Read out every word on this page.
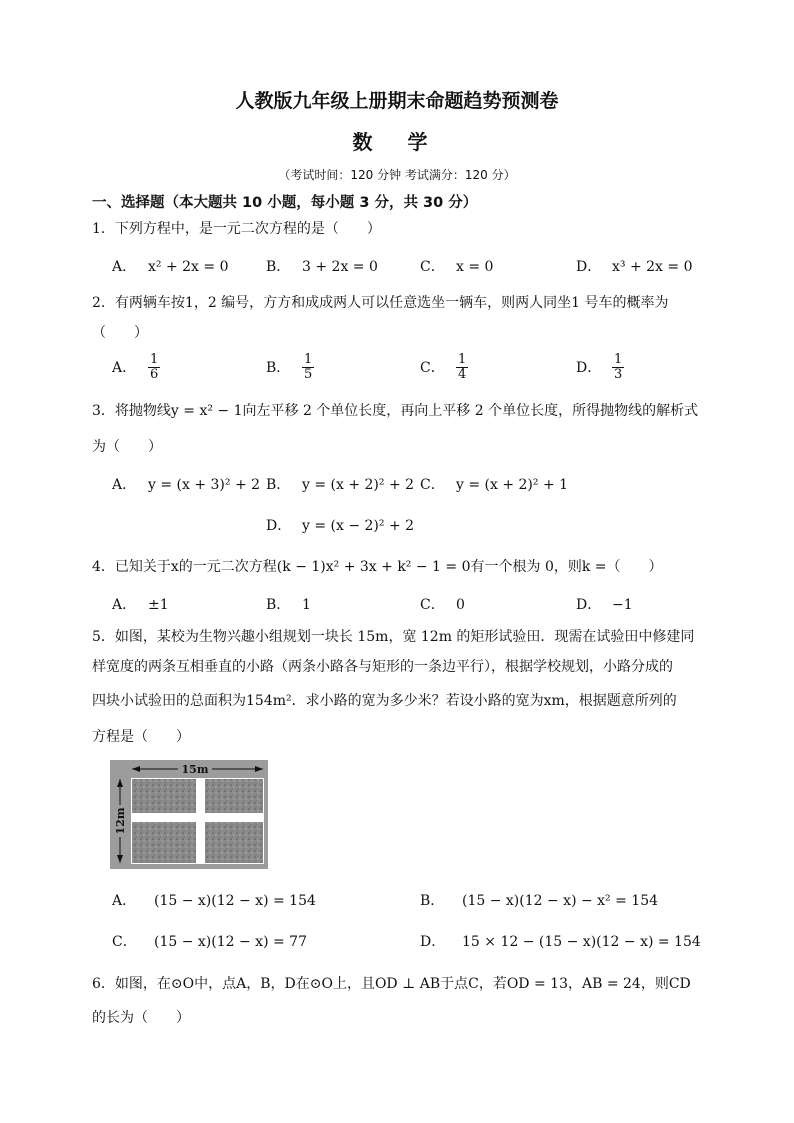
人教版九年级上册期末命题趋势预测卷
数 学
（考试时间：120 分钟 考试满分：120 分）
一、选择题（本大题共 10 小题，每小题 3 分，共 30 分）
1．下列方程中，是一元二次方程的是（　　）
A． x² + 2x = 0	B． 3 + 2x = 0	C． x = 0	D． x³ + 2x = 0
2．有两辆车按1，2 编号，方方和成成两人可以任意选坐一辆车，则两人同坐1 号车的概率为
（　　）
A． $\frac{1}{6}$	B． $\frac{1}{5}$	C． $\frac{1}{4}$	D． $\frac{1}{3}$
3．将抛物线y = x² − 1向左平移 2 个单位长度，再向上平移 2 个单位长度，所得抛物线的解析式
为（　　）
A． y = (x + 3)² + 2 B． y = (x + 2)² + 2 C． y = (x + 2)² + 1
D． y = (x − 2)² + 2
4．已知关于x的一元二次方程(k − 1)x² + 3x + k² − 1 = 0有一个根为 0，则k =（　　）
A． ±1	B． 1	C． 0	D． −1
5．如图，某校为生物兴趣小组规划一块长 15m，宽 12m 的矩形试验田．现需在试验田中修建同
样宽度的两条互相垂直的小路（两条小路各与矩形的一条边平行），根据学校规划，小路分成的
四块小试验田的总面积为154m²．求小路的宽为多少米？若设小路的宽为xm，根据题意所列的
方程是（　　）
15m
12m
A． (15 − x)(12 − x) = 154	B． (15 − x)(12 − x) − x² = 154
C． (15 − x)(12 − x) = 77	D． 15 × 12 − (15 − x)(12 − x) = 154
6．如图，在⊙O中，点A，B，D在⊙O上，且OD ⊥ AB于点C，若OD = 13，AB = 24，则CD
的长为（　　）
